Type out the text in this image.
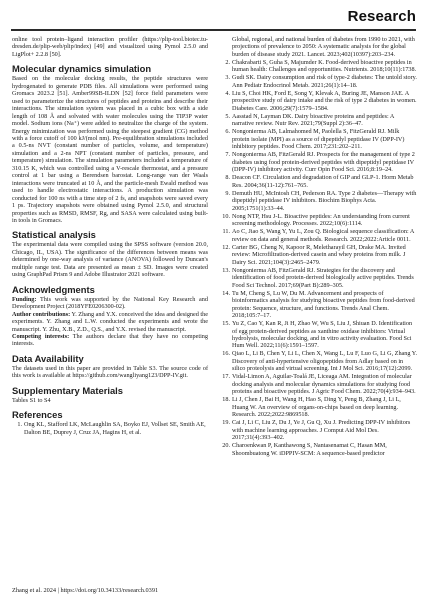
Research

online tool protein–ligand interaction profiler (https://plip-tool.biotec.tu-dresden.de/plip-web/plip/index) [49] and visualized using Pymol 2.5.0 and LigPlot+ 2.2.8 [50].

Molecular dynamics simulation

Based on the molecular docking results, the peptide structures were hydrogenated to generate PDB files. All simulations were performed using Gromacs 2023.2 [51]. Amber99SB-ILDN [52] force field parameters were used to parameterize the structures of peptides and proteins and describe their interactions. The simulation system was placed in a cubic box with a side length of 108 Å and solvated with water molecules using the TIP3P water model. Sodium ions (Na⁺) were added to neutralize the charge of the system. Energy minimization was performed using the steepest gradient (CG) method with a force cutoff of 100 kJ/(mol nm). Pre-equilibration simulations included a 0.5-ns NVT (constant number of particles, volume, and temperature) simulation and a 2-ns NPT (constant number of particles, pressure, and temperature) simulation. The simulation parameters included a temperature of 310.15 K, which was controlled using a V-rescale thermostat, and a pressure control at 1 bar using a Berendsen barostat. Long-range van der Waals interactions were truncated at 10 Å, and the particle-mesh Ewald method was used to handle electrostatic interactions. A production simulation was conducted for 100 ns with a time step of 2 fs, and snapshots were saved every 1 ps. Trajectory snapshots were obtained using Pymol 2.5.0, and structural properties such as RMSD, RMSF, Rg, and SASA were calculated using built-in tools in Gromacs.

Statistical analysis

The experimental data were compiled using the SPSS software (version 20.0, Chicago, IL, USA). The significance of the differences between means was determined by one-way analysis of variance (ANOVA) followed by Duncan's multiple range test. Data are presented as mean ± SD. Images were created using GraphPad Prism 9 and Adobe Illustrator 2021 software.

Acknowledgments

Funding: This work was supported by the National Key Research and Development Project (2018YFE0206300-02).

Author contributions: Y. Zhang and Y.X. conceived the idea and designed the experiments. Y. Zhang and L.W. conducted the experiments and wrote the manuscript. Y. Zhu, X.B., Z.D., Q.S., and Y.X. revised the manuscript.

Competing interests: The authors declare that they have no competing interests.

Data Availability

The datasets used in this paper are provided in Table S3. The source code of this work is available at https://github.com/wangliyang123/DPP-IV.git.

Supplementary Materials

Tables S1 to S4

References
1. Ong KL, Stafford LK, McLaughlin SA, Boyko EJ, Vollset SE, Smith AE, Dalton BE, Duprey J, Cruz JA, Hagins H, et al.
Global, regional, and national burden of diabetes from 1990 to 2021, with projections of prevalence to 2050: A systematic analysis for the global burden of disease study 2021. Lancet. 2023;402(10397):203–234.
2. Chakrabarti S, Guha S, Majumder K. Food-derived bioactive peptides in human health: Challenges and opportunities. Nutrients. 2018;10(11):1738.
3. Gudi SK. Dairy consumption and risk of type-2 diabetes: The untold story. Ann Pediatr Endocrinol Metab. 2021;26(1):14–18.
4. Liu S, Choi HK, Ford E, Song Y, Klevak A, Buring JE, Manson JAE. A prospective study of dairy intake and the risk of type 2 diabetes in women. Diabetes Care. 2006;29(7):1579–1584.
5. Aasstad N, Layman DK. Dairy bioactive proteins and peptides: A narrative review. Nutr Rev. 2021;79(Suppl 2):36–47.
6. Nongonierma AB, Lalmahomed M, Paolella S, FitzGerald RJ. Milk protein isolate (MPI) as a source of dipeptidyl peptidase IV (DPP-IV) inhibitory peptides. Food Chem. 2017;231:202–211.
7. Nongonierma AB, FitzGerald RJ. Prospects for the management of type 2 diabetes using food protein-derived peptides with dipeptidyl peptidase IV (DPP-IV) inhibitory activity. Curr Opin Food Sci. 2016;8:19–24.
8. Deacon CF. Circulation and degradation of GIP and GLP-1. Horm Metab Res. 2004;36(11-12):761–765.
9. Demuth HU, McIntosh CH, Pederson RA. Type 2 diabetes—Therapy with dipeptidyl peptidase IV inhibitors. Biochim Biophys Acta. 2005;1751(1):33–44.
10. Nong NTP, Hsu J-L. Bioactive peptides: An understanding from current screening methodology. Processes. 2022;10(6):1114.
11. Ao C, Jiao S, Wang Y, Yu L, Zou Q. Biological sequence classification: A review on data and general methods. Research. 2022;2022:Article 0011.
12. Carter BG, Cheng N, Kapoor R, Meletharayil GH, Drake MA. Invited review: Microfiltration-derived casein and whey proteins from milk. J Dairy Sci. 2021;104(3):2465–2479.
13. Nongonierma AB, FitzGerald RJ. Strategies for the discovery and identification of food protein-derived biologically active peptides. Trends Food Sci Technol. 2017;69(Part B):289–305.
14. Tu M, Cheng S, Lu W, Du M. Advancement and prospects of bioinformatics analysis for studying bioactive peptides from food-derived protein: Sequence, structure, and functions. Trends Anal Chem. 2018;105:7–17.
15. Yu Z, Cao Y, Kan R, Ji H, Zhao W, Wu S, Liu J, Shiuan D. Identification of egg protein-derived peptides as xanthine oxidase inhibitors: Virtual hydrolysis, molecular docking, and in vitro activity evaluation. Food Sci Hum Well. 2022;11(6):1591–1597.
16. Qiao L, Li B, Chen Y, Li L, Chen X, Wang L, Lu F, Luo G, Li G, Zhang Y. Discovery of anti-hypertensive oligopeptides from Adlay based on in silico proteolysis and virtual screening. Int J Mol Sci. 2016;17(12):2099.
17. Vidal-Limon A, Aguilar-Toalá JE, Liceaga AM. Integration of molecular docking analysis and molecular dynamics simulations for studying food proteins and bioactive peptides. J Agric Food Chem. 2022;70(4):934–943.
18. Li J, Chen J, Bai H, Wang H, Hao S, Ding Y, Peng B, Zhang J, Li L, Huang W. An overview of organs-on-chips based on deep learning. Research. 2022;2022:9869518.
19. Cai J, Li C, Liu Z, Du J, Ye J, Gu Q, Xu J. Predicting DPP-IV inhibitors with machine learning approaches. J Comput Aid Mol Des. 2017;31(4):393–402.
20. Charoenkwan P, Kanthawong S, Nantasenamat C, Hasan MM, Shoombuatong W. iDPPIV-SCM: A sequence-based predictor
Zhang et al. 2024 | https://doi.org/10.34133/research.0391
